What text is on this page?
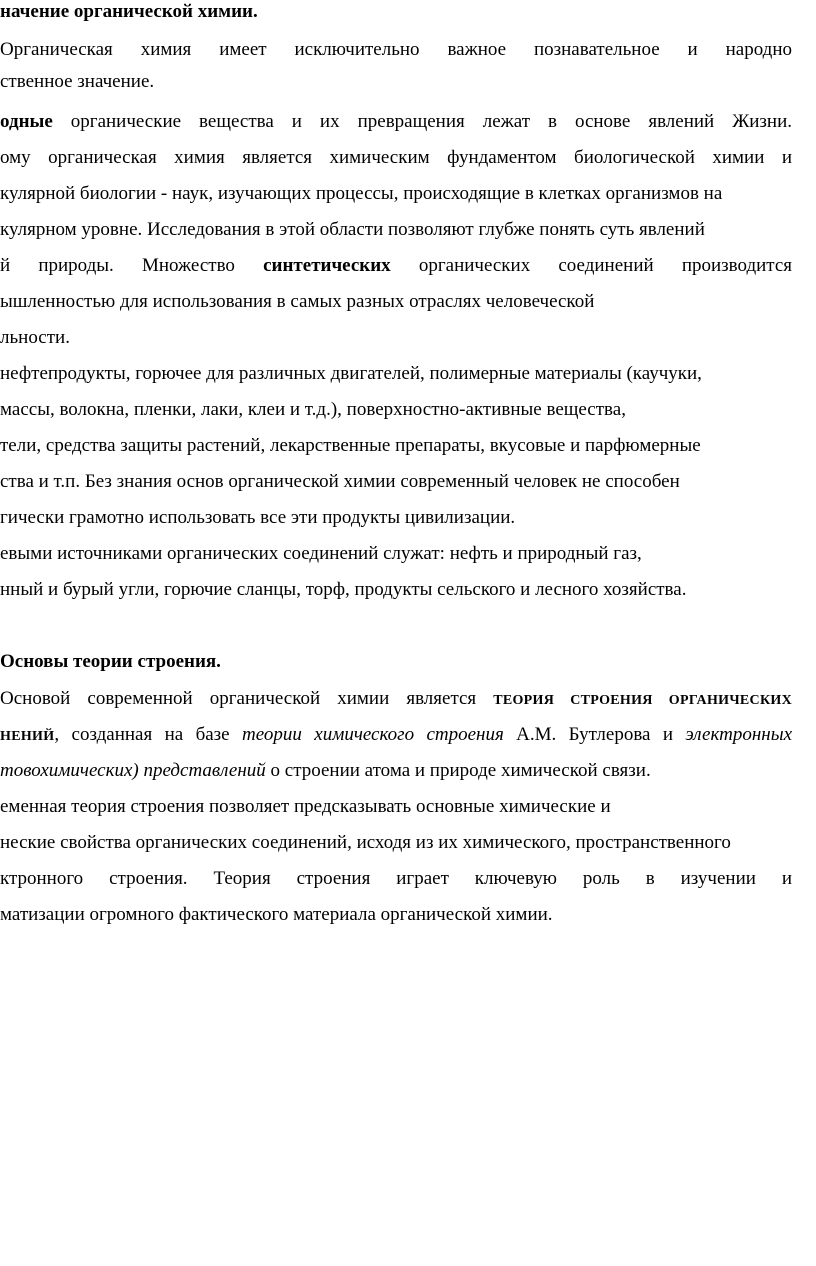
начение органической химии.
Органическая химия имеет исключительно важное познавательное и народно
ственное значение.
одные органические вещества и их превращения лежат в основе явлений Жизни.
ому органическая химия является химическим фундаментом биологической химии и
кулярной биологии - наук, изучающих процессы, происходящие в клетках организмов на
кулярном уровне. Исследования в этой области позволяют глубже понять суть явлений
й природы. Множество синтетических органических соединений производится
ышленностью для использования в самых разных отраслях человеческой
льности.
нефтепродукты, горючее для различных двигателей, полимерные материалы (каучуки,
массы, волокна, пленки, лаки, клеи и т.д.), поверхностно-активные вещества,
тели, средства защиты растений, лекарственные препараты, вкусовые и парфюмерные
ства и т.п. Без знания основ органической химии современный человек не способен
гически грамотно использовать все эти продукты цивилизации.
евыми источниками органических соединений служат: нефть и природный газ,
нный и бурый угли, горючие сланцы, торф, продукты сельского и лесного хозяйства.
Основы теории строения.
Основой современной органической химии является ТЕОРИЯ СТРОЕНИЯ ОРГАНИЧЕСКИХ
НЕНИЙ, созданная на базе теории химического строения А.М. Бутлерова и электронных
товохимических) представлений о строении атома и природе химической связи.
еменная теория строения позволяет предсказывать основные химические и
неские свойства органических соединений, исходя из их химического, пространственного
ктронного строения. Теория строения играет ключевую роль в изучении и
матизации огромного фактического материала органической химии.
